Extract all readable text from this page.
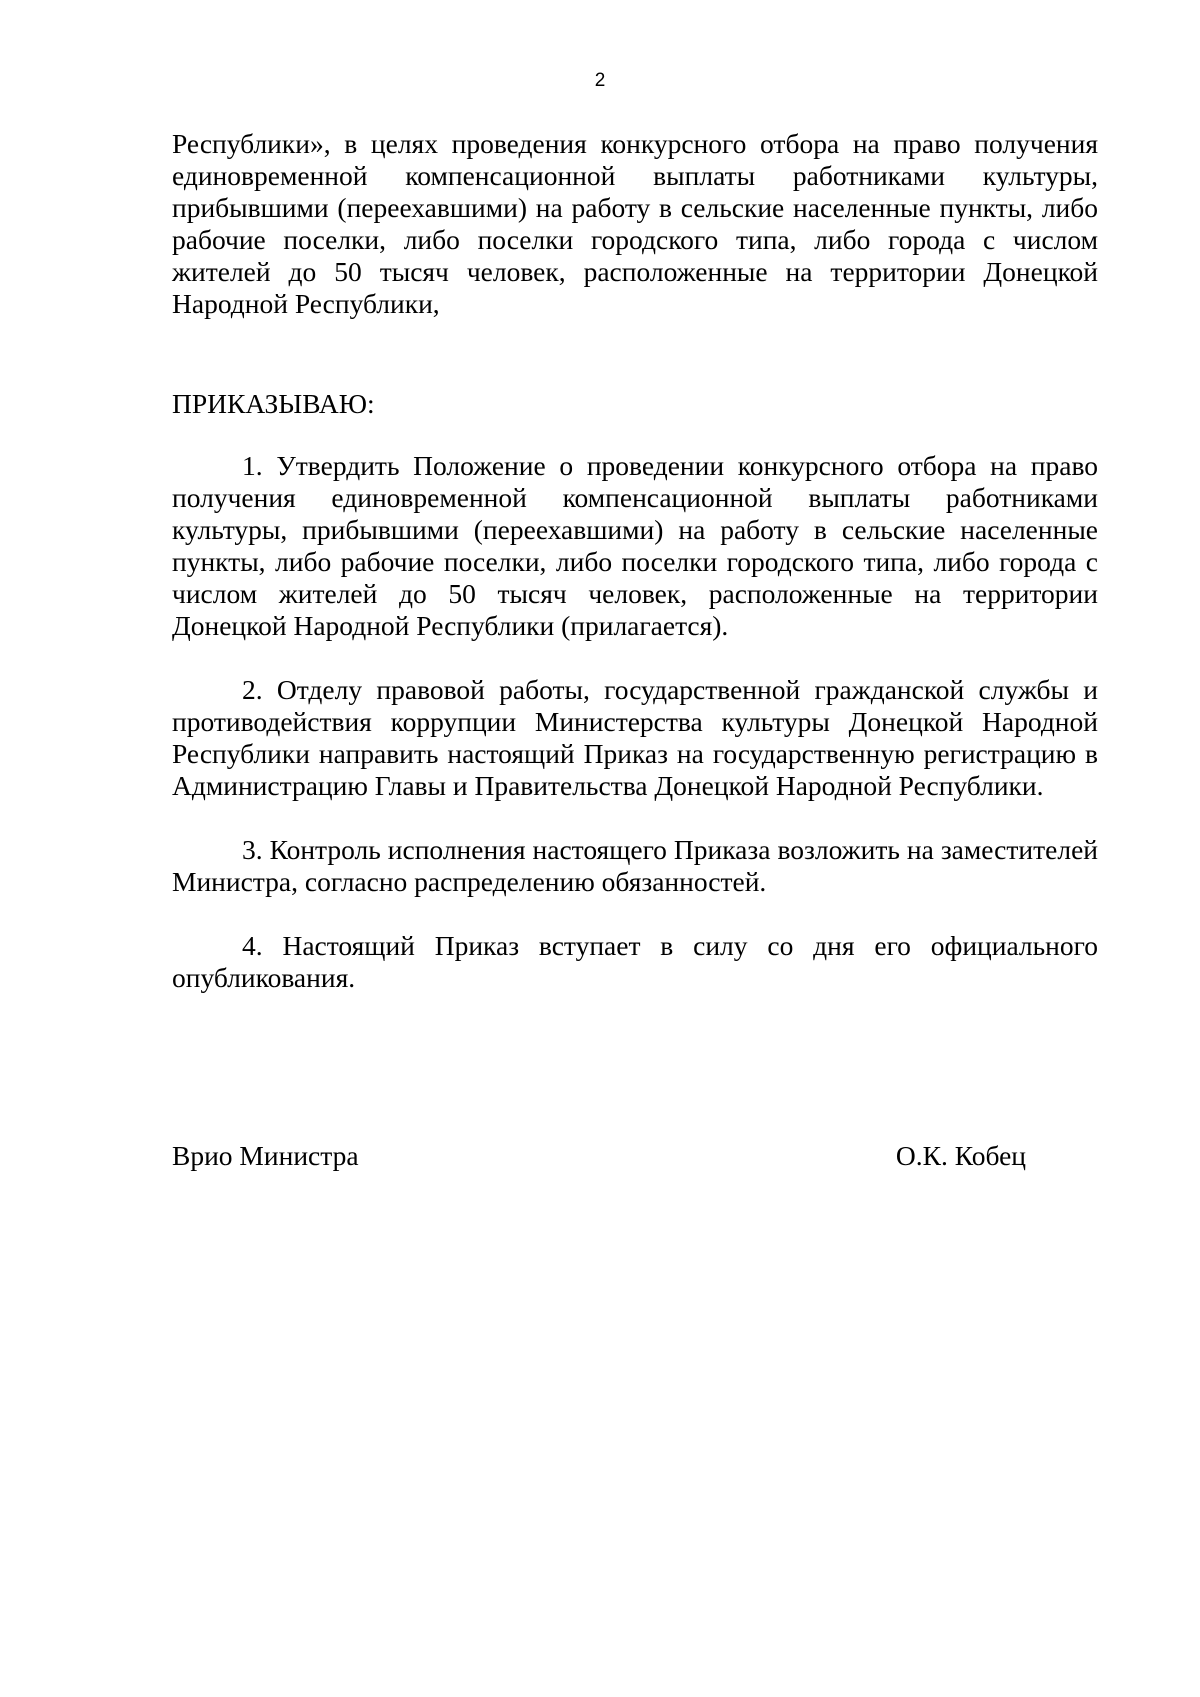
2

Республики», в целях проведения конкурсного отбора на право получения единовременной компенсационной выплаты работниками культуры, прибывшими (переехавшими) на работу в сельские населенные пункты, либо рабочие поселки, либо поселки городского типа, либо города с числом жителей до 50 тысяч человек, расположенные на территории Донецкой Народной Республики,

ПРИКАЗЫВАЮ:

1. Утвердить Положение о проведении конкурсного отбора на право получения единовременной компенсационной выплаты работниками культуры, прибывшими (переехавшими) на работу в сельские населенные пункты, либо рабочие поселки, либо поселки городского типа, либо города с числом жителей до 50 тысяч человек, расположенные на территории Донецкой Народной Республики (прилагается).

2. Отделу правовой работы, государственной гражданской службы и противодействия коррупции Министерства культуры Донецкой Народной Республики направить настоящий Приказ на государственную регистрацию в Администрацию Главы и Правительства Донецкой Народной Республики.

3. Контроль исполнения настоящего Приказа возложить на заместителей Министра, согласно распределению обязанностей.

4. Настоящий Приказ вступает в силу со дня его официального опубликования.

Врио Министра	О.К. Кобец
